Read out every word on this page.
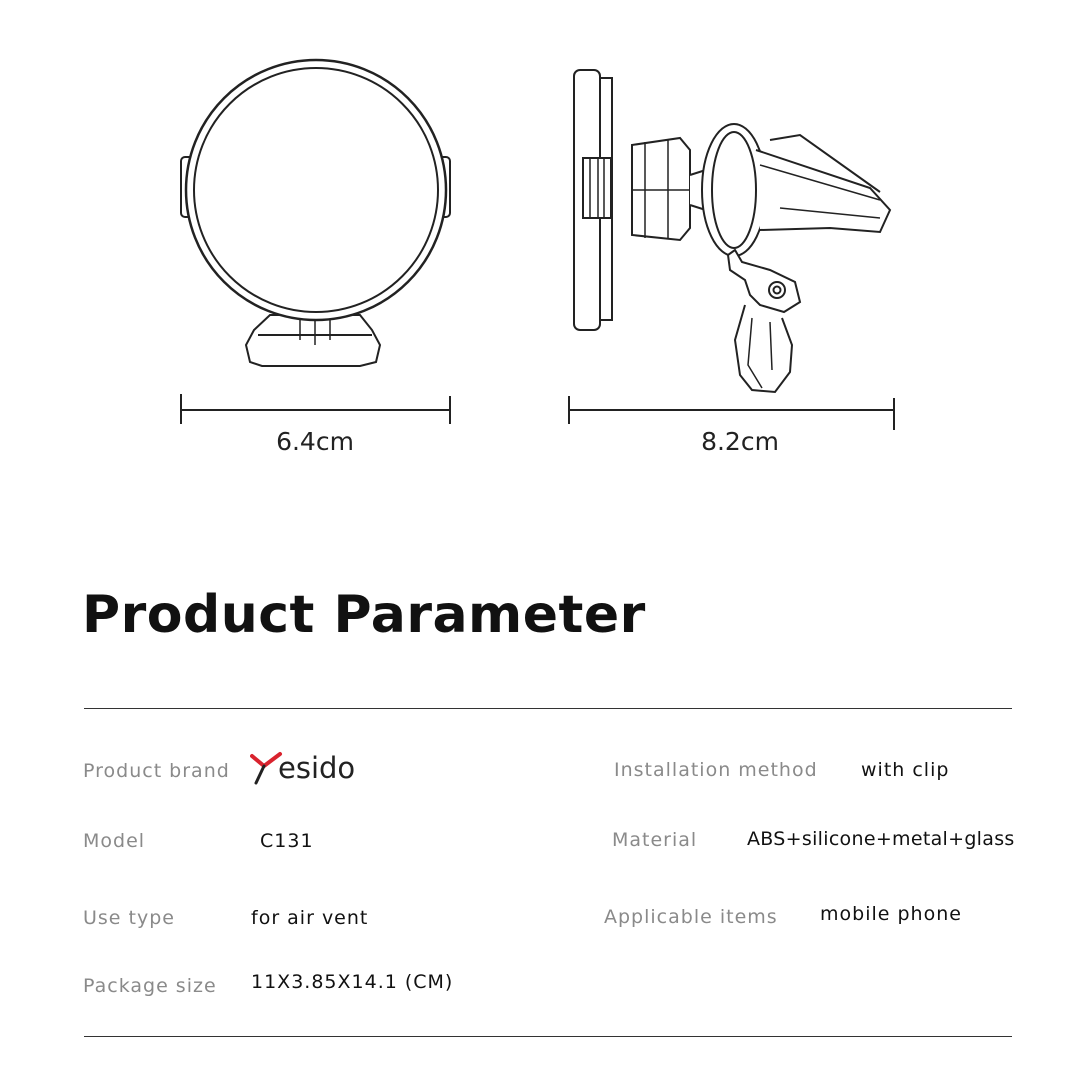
6.4cm	8.2cm
Product Parameter
Product brand esido
Model	C131
Use type	for air vent
Package size 11X3.85X14.1 (CM)
Installation method with clip
Material	ABS+silicone+metal+glass
Applicable items mobile phone
